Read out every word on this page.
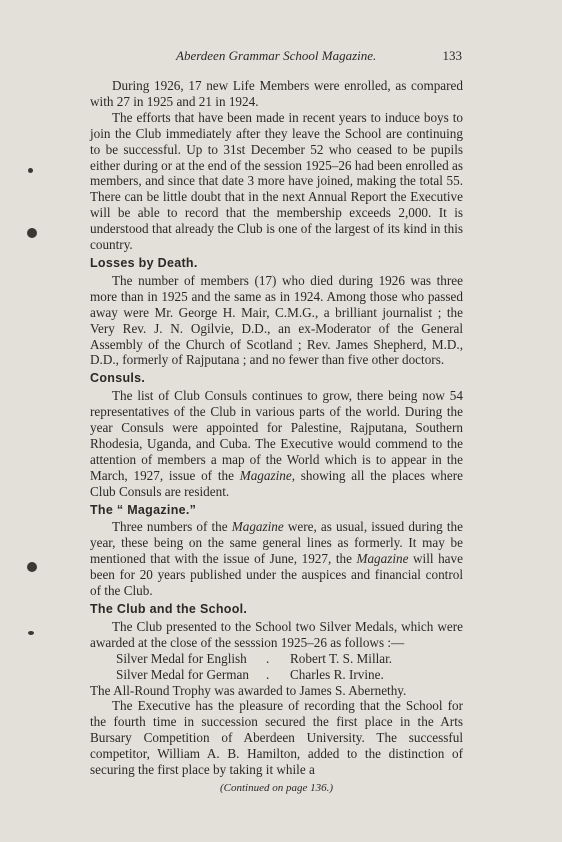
Aberdeen Grammar School Magazine.	133

During 1926, 17 new Life Members were enrolled, as compared with 27 in 1925 and 21 in 1924.

The efforts that have been made in recent years to induce boys to join the Club immediately after they leave the School are continuing to be successful. Up to 31st December 52 who ceased to be pupils either during or at the end of the session 1925–26 had been enrolled as members, and since that date 3 more have joined, making the total 55. There can be little doubt that in the next Annual Report the Executive will be able to record that the membership exceeds 2,000. It is understood that already the Club is one of the largest of its kind in this country.

Losses by Death.

The number of members (17) who died during 1926 was three more than in 1925 and the same as in 1924. Among those who passed away were Mr. George H. Mair, C.M.G., a brilliant journalist ; the Very Rev. J. N. Ogilvie, D.D., an ex-Moderator of the General Assembly of the Church of Scotland ; Rev. James Shepherd, M.D., D.D., formerly of Rajputana ; and no fewer than five other doctors.

Consuls.

The list of Club Consuls continues to grow, there being now 54 representatives of the Club in various parts of the world. During the year Consuls were appointed for Palestine, Rajputana, Southern Rhodesia, Uganda, and Cuba. The Executive would commend to the attention of members a map of the World which is to appear in the March, 1927, issue of the Magazine, showing all the places where Club Consuls are resident.

The “ Magazine.”

Three numbers of the Magazine were, as usual, issued during the year, these being on the same general lines as formerly. It may be mentioned that with the issue of June, 1927, the Magazine will have been for 20 years published under the auspices and financial control of the Club.

The Club and the School.

The Club presented to the School two Silver Medals, which were awarded at the close of the sesssion 1925–26 as follows :—

Silver Medal for English	.	Robert T. S. Millar.
Silver Medal for German	.	Charles R. Irvine.

The All-Round Trophy was awarded to James S. Abernethy.

The Executive has the pleasure of recording that the School for the fourth time in succession secured the first place in the Arts Bursary Competition of Aberdeen University. The successful competitor, William A. B. Hamilton, added to the distinction of securing the first place by taking it while a

(Continued on page 136.)
